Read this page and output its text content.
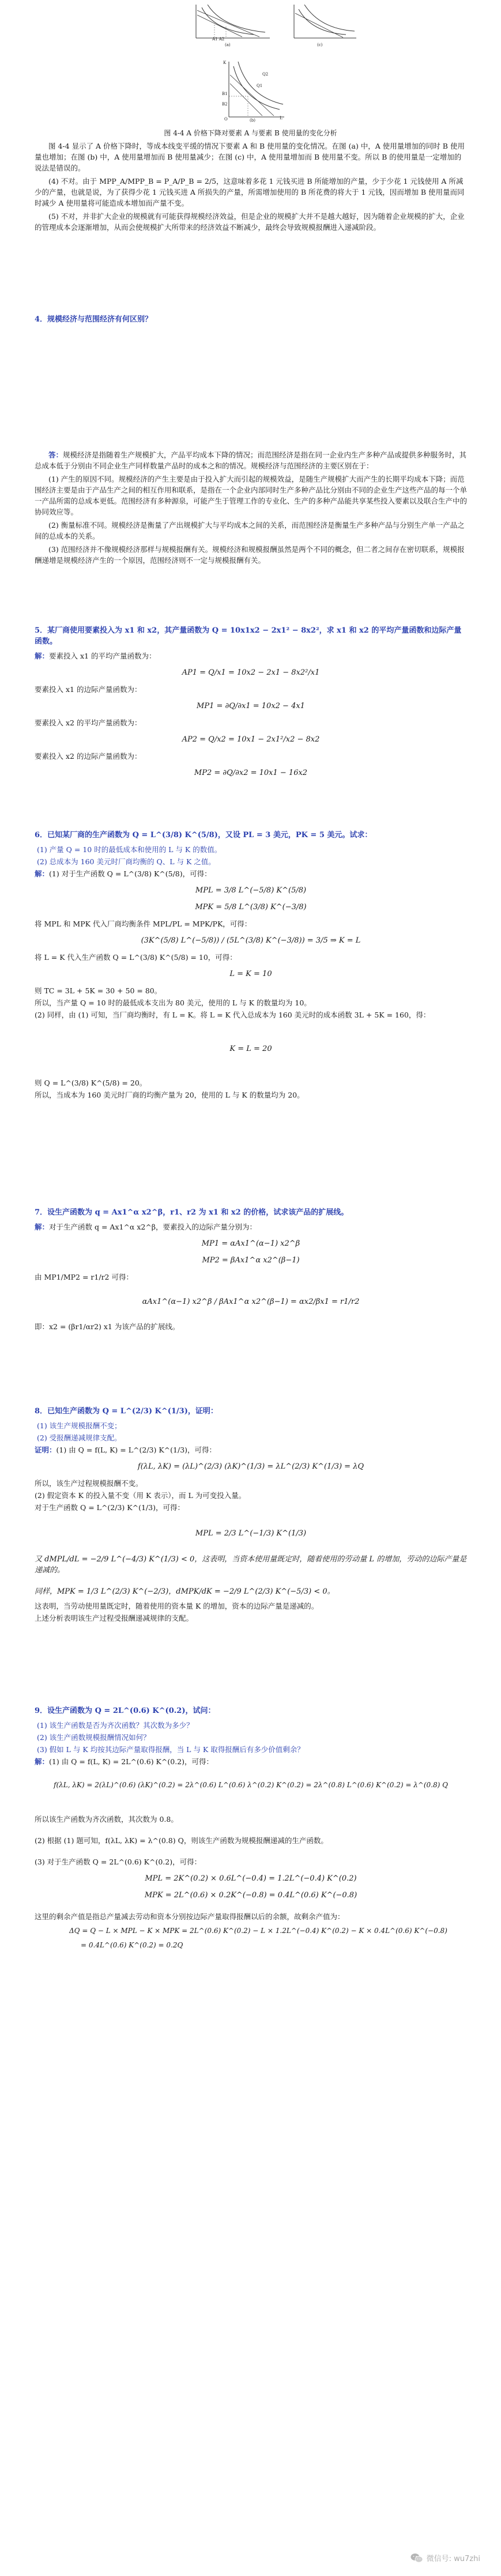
A1 A2
(a)	(c)
K
Q2
Q1
B1
B2
O	L
(b)
图 4-4 A 价格下降对要素 A 与要素 B 使用量的变化分析

图 4-4 显示了 A 价格下降时，等成本线变平缓的情况下要素 A 和 B 使用量的变化情况。在图 (a) 中，A 使用量增加的同时 B 使用量也增加；在图 (b) 中，A 使用量增加而 B 使用量减少；在图 (c) 中，A 使用量增加而 B 使用量不变。所以 B 的使用量是一定增加的说法是错误的。

(4) 不对。由于 MPP_A/MPP_B = P_A/P_B = 2/5，这意味着多花 1 元钱买进 B 所能增加的产量，少于少花 1 元钱使用 A 所减少的产量，也就是说，为了获得少花 1 元钱买进 A 所损失的产量，所需增加使用的 B 所花费的将大于 1 元钱，因而增加 B 使用量而同时减少 A 使用量将可能造成本增加而产量不变。

(5) 不对，并非扩大企业的规模就有可能获得规模经济效益，但是企业的规模扩大并不是越大越好，因为随着企业规模的扩大，企业的管理成本会逐渐增加，从而会使规模扩大所带来的经济效益不断减少，最终会导致规模报酬进入递减阶段。

4．规模经济与范围经济有何区别？

答：规模经济是指随着生产规模扩大，产品平均成本下降的情况；而范围经济是指在同一企业内生产多种产品或提供多种服务时，其总成本低于分别由不同企业生产同样数量产品时的成本之和的情况。规模经济与范围经济的主要区别在于：

(1) 产生的原因不同。规模经济的产生主要是由于投入扩大而引起的规模效益，是随生产规模扩大而产生的长期平均成本下降；而范围经济主要是由于产品生产之间的相互作用和联系，是指在一个企业内部同时生产多种产品比分别由不同的企业生产这些产品的每一个单一产品所需的总成本更低。范围经济有多种源泉，可能产生于管理工作的专业化、生产的多种产品能共享某些投入要素以及联合生产中的协同效应等。

(2) 衡量标准不同。规模经济是衡量了产出规模扩大与平均成本之间的关系，而范围经济是衡量生产多种产品与分别生产单一产品之间的总成本的关系。

(3) 范围经济并不像规模经济那样与规模报酬有关。规模经济和规模报酬虽然是两个不同的概念，但二者之间存在密切联系，规模报酬递增是规模经济产生的一个原因，范围经济则不一定与规模报酬有关。

5．某厂商使用要素投入为 x1 和 x2，其产量函数为 Q = 10x1x2 − 2x1² − 8x2²，求 x1 和 x2 的平均产量函数和边际产量函数。
解：要素投入 x1 的平均产量函数为：
AP1 = Q/x1 = 10x2 − 2x1 − 8x2²/x1
要素投入 x1 的边际产量函数为：
MP1 = ∂Q/∂x1 = 10x2 − 4x1
要素投入 x2 的平均产量函数为：
AP2 = Q/x2 = 10x1 − 2x1²/x2 − 8x2
要素投入 x2 的边际产量函数为：
MP2 = ∂Q/∂x2 = 10x1 − 16x2
6．已知某厂商的生产函数为 Q = L^(3/8) K^(5/8)，又设 PL = 3 美元，PK = 5 美元。试求：
(1) 产量 Q = 10 时的最低成本和使用的 L 与 K 的数值。
(2) 总成本为 160 美元时厂商均衡的 Q、L 与 K 之值。
解：(1) 对于生产函数 Q = L^(3/8) K^(5/8)，可得：
MPL = 3/8 L^(−5/8) K^(5/8)
MPK = 5/8 L^(3/8) K^(−3/8)
将 MPL 和 MPK 代入厂商均衡条件 MPL/PL = MPK/PK，可得：
(3K^(5/8) L^(−5/8)) / (5L^(3/8) K^(−3/8)) = 3/5 ⇒ K = L
将 L = K 代入生产函数 Q = L^(3/8) K^(5/8) = 10，可得：
L = K = 10
则 TC = 3L + 5K = 30 + 50 = 80。
所以，当产量 Q = 10 时的最低成本支出为 80 美元，使用的 L 与 K 的数量均为 10。
(2) 同样，由 (1) 可知，当厂商均衡时，有 L = K。将 L = K 代入总成本为 160 美元时的成本函数 3L + 5K = 160，得：
K = L = 20
则 Q = L^(3/8) K^(5/8) = 20。
所以，当成本为 160 美元时厂商的均衡产量为 20，使用的 L 与 K 的数量均为 20。
7．设生产函数为 q = Ax1^α x2^β，r1、r2 为 x1 和 x2 的价格，试求该产品的扩展线。
解：对于生产函数 q = Ax1^α x2^β，要素投入的边际产量分别为：
MP1 = αAx1^(α−1) x2^β
MP2 = βAx1^α x2^(β−1)
由 MP1/MP2 = r1/r2 可得：
αAx1^(α−1) x2^β / βAx1^α x2^(β−1) = αx2/βx1 = r1/r2
即：x2 = (βr1/αr2) x1 为该产品的扩展线。
8．已知生产函数为 Q = L^(2/3) K^(1/3)，证明：
(1) 该生产规模报酬不变；
(2) 受报酬递减规律支配。
证明：(1) 由 Q = f(L, K) = L^(2/3) K^(1/3)，可得：
f(λL, λK) = (λL)^(2/3) (λK)^(1/3) = λL^(2/3) K^(1/3) = λQ
所以，该生产过程规模报酬不变。
(2) 假定资本 K 的投入量不变（用 K 表示），而 L 为可变投入量。
对于生产函数 Q = L^(2/3) K^(1/3)，可得：
MPL = 2/3 L^(−1/3) K^(1/3)
又 dMPL/dL = −2/9 L^(−4/3) K^(1/3) < 0，这表明，当资本使用量既定时，随着使用的劳动量 L 的增加，劳动的边际产量是递减的。
同样，MPK = 1/3 L^(2/3) K^(−2/3)，dMPK/dK = −2/9 L^(2/3) K^(−5/3) < 0。
这表明，当劳动使用量既定时，随着使用的资本量 K 的增加，资本的边际产量是递减的。
上述分析表明该生产过程受报酬递减规律的支配。
9．设生产函数为 Q = 2L^(0.6) K^(0.2)，试问：
(1) 该生产函数是否为齐次函数？其次数为多少？
(2) 该生产函数规模报酬情况如何？
(3) 假如 L 与 K 均按其边际产量取得报酬，当 L 与 K 取得报酬后有多少价值剩余？
解：(1) 由 Q = f(L, K) = 2L^(0.6) K^(0.2)，可得：
f(λL, λK) = 2(λL)^(0.6) (λK)^(0.2) = 2λ^(0.6) L^(0.6) λ^(0.2) K^(0.2) = 2λ^(0.8) L^(0.6) K^(0.2) = λ^(0.8) Q
所以该生产函数为齐次函数，其次数为 0.8。
(2) 根据 (1) 题可知，f(λL, λK) = λ^(0.8) Q，则该生产函数为规模报酬递减的生产函数。
(3) 对于生产函数 Q = 2L^(0.6) K^(0.2)，可得：
MPL = 2K^(0.2) × 0.6L^(−0.4) = 1.2L^(−0.4) K^(0.2)
MPK = 2L^(0.6) × 0.2K^(−0.8) = 0.4L^(0.6) K^(−0.8)
这里的剩余产值是指总产量减去劳动和资本分别按边际产量取得报酬以后的余额，故剩余产值为：
ΔQ = Q − L × MPL − K × MPK = 2L^(0.6) K^(0.2) − L × 1.2L^(−0.4) K^(0.2) − K × 0.4L^(0.6) K^(−0.8)
= 0.4L^(0.6) K^(0.2) = 0.2Q
微信号: wu7zhi
